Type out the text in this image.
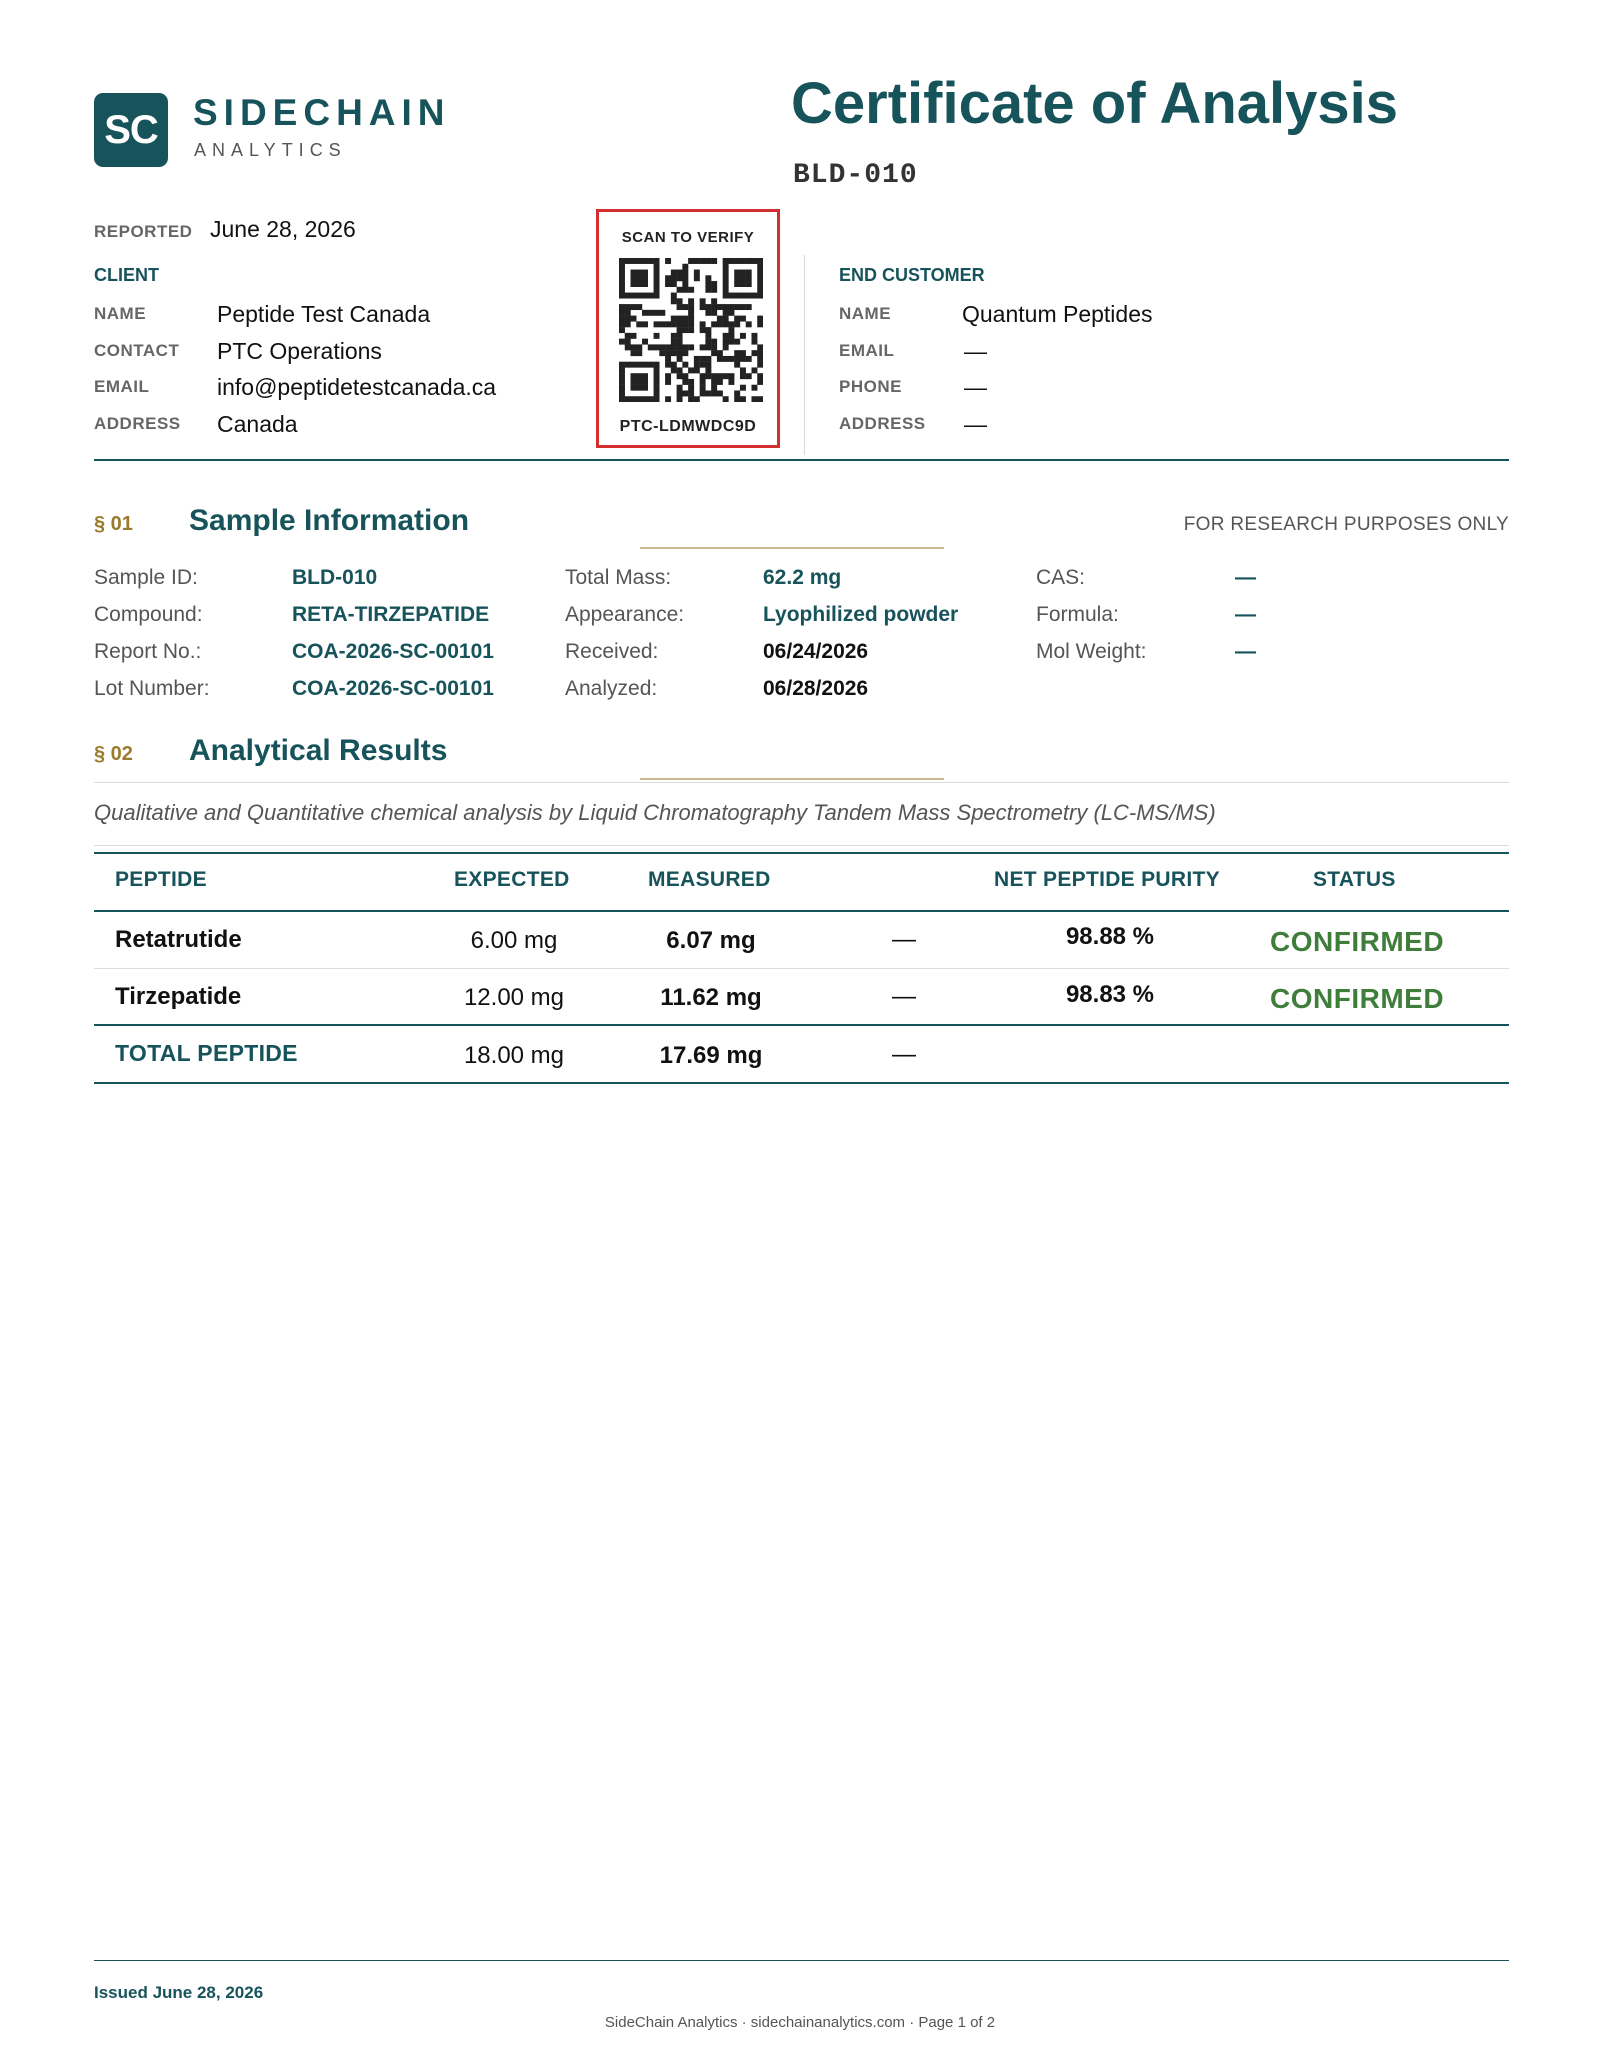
SC SIDECHAIN
ANALYTICS
Certificate of Analysis
BLD-010
REPORTED June 28, 2026
CLIENT
NAME	Peptide Test Canada
CONTACT PTC Operations
EMAIL	info@peptidetestcanada.ca
ADDRESS Canada
SCAN TO VERIFY
PTC-LDMWDC9D
END CUSTOMER
NAME	Quantum Peptides
EMAIL	—
PHONE	—
ADDRESS —
§ 01 Sample Information	FOR RESEARCH PURPOSES ONLY
Sample ID:	BLD-010
Compound:	RETA-TIRZEPATIDE
Report No.:	COA-2026-SC-00101
Lot Number:	COA-2026-SC-00101
Total Mass:	62.2 mg
Appearance:	Lyophilized powder
Received:	06/24/2026
Analyzed:	06/28/2026
CAS:	—
Formula:	—
Mol Weight:	—
§ 02 Analytical Results
Qualitative and Quantitative chemical analysis by Liquid Chromatography Tandem Mass Spectrometry (LC-MS/MS)
PEPTIDE	EXPECTED	MEASURED	NET PEPTIDE PURITY	STATUS
Retatrutide	6.00 mg	6.07 mg	—	98.88 %	CONFIRMED
Tirzepatide	12.00 mg	11.62 mg	—	98.83 %	CONFIRMED
TOTAL PEPTIDE	18.00 mg	17.69 mg	—
Issued June 28, 2026
SideChain Analytics · sidechainanalytics.com · Page 1 of 2
